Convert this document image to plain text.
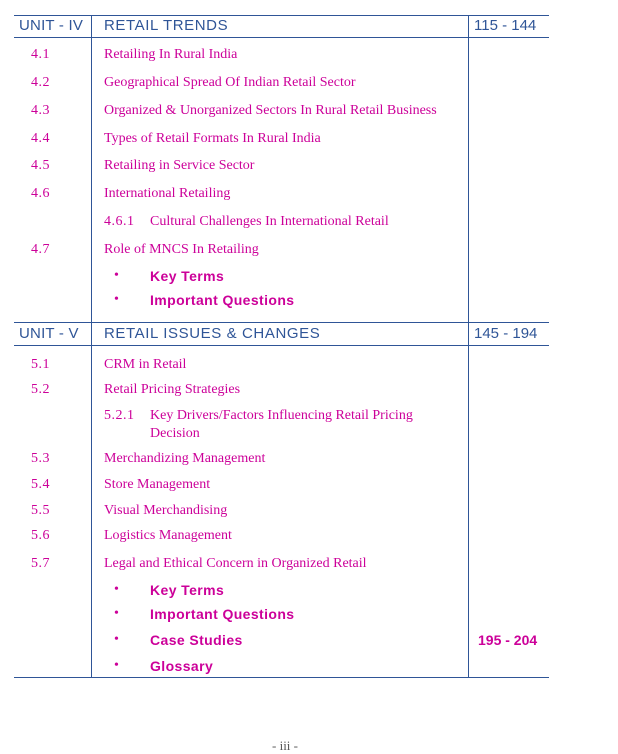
UNIT - IV RETAIL TRENDS	115 - 144
4.1	Retailing In Rural India
4.2	Geographical Spread Of Indian Retail Sector
4.3	Organized & Unorganized Sectors In Rural Retail Business
4.4	Types of Retail Formats In Rural India
4.5	Retailing in Service Sector
4.6	International Retailing
4.6.1 Cultural Challenges In International Retail
4.7	Role of MNCS In Retailing
• Key Terms
• Important Questions
UNIT - V RETAIL ISSUES & CHANGES	145 - 194
5.1	CRM in Retail
5.2	Retail Pricing Strategies
5.2.1 Key Drivers/Factors Influencing Retail Pricing
Decision
5.3	Merchandizing Management
5.4	Store Management
5.5	Visual Merchandising
5.6	Logistics Management
5.7	Legal and Ethical Concern in Organized Retail
• Key Terms
• Important Questions
• Case Studies	195 - 204
• Glossary
- iii -
